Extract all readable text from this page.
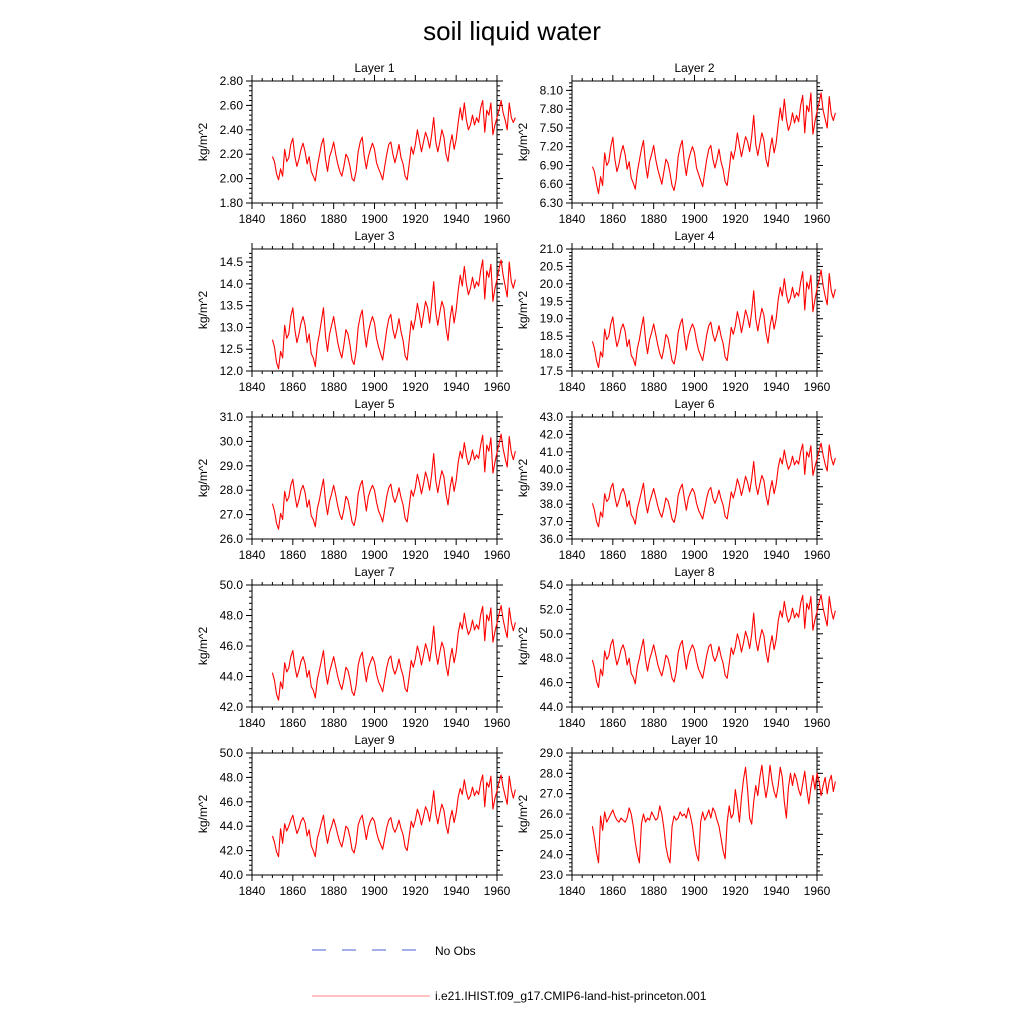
soil liquid water
Layer 1
kg/m^2
1840 1860 1880 1900 1920 1940 1960
1.80
2.00
2.20
2.40
2.60
2.80
Layer 2
kg/m^2
1840 1860 1880 1900 1920 1940 1960
6.30
6.60
6.90
7.20
7.50
7.80
8.10
Layer 3
kg/m^2
1840 1860 1880 1900 1920 1940 1960
12.0
12.5
13.0
13.5
14.0
14.5
Layer 4
kg/m^2
1840 1860 1880 1900 1920 1940 1960
17.5
18.0
18.5
19.0
19.5
20.0
20.5
21.0
Layer 5
kg/m^2
1840 1860 1880 1900 1920 1940 1960
26.0
27.0
28.0
29.0
30.0
31.0
Layer 6
kg/m^2
1840 1860 1880 1900 1920 1940 1960
36.0
37.0
38.0
39.0
40.0
41.0
42.0
43.0
Layer 7
kg/m^2
1840 1860 1880 1900 1920 1940 1960
42.0
44.0
46.0
48.0
50.0
Layer 8
kg/m^2
1840 1860 1880 1900 1920 1940 1960
44.0
46.0
48.0
50.0
52.0
54.0
Layer 9
kg/m^2
1840 1860 1880 1900 1920 1940 1960
40.0
42.0
44.0
46.0
48.0
50.0
Layer 10
kg/m^2
1840 1860 1880 1900 1920 1940 1960
23.0
24.0
25.0
26.0
27.0
28.0
29.0
No Obs
i.e21.IHIST.f09_g17.CMIP6-land-hist-princeton.001
